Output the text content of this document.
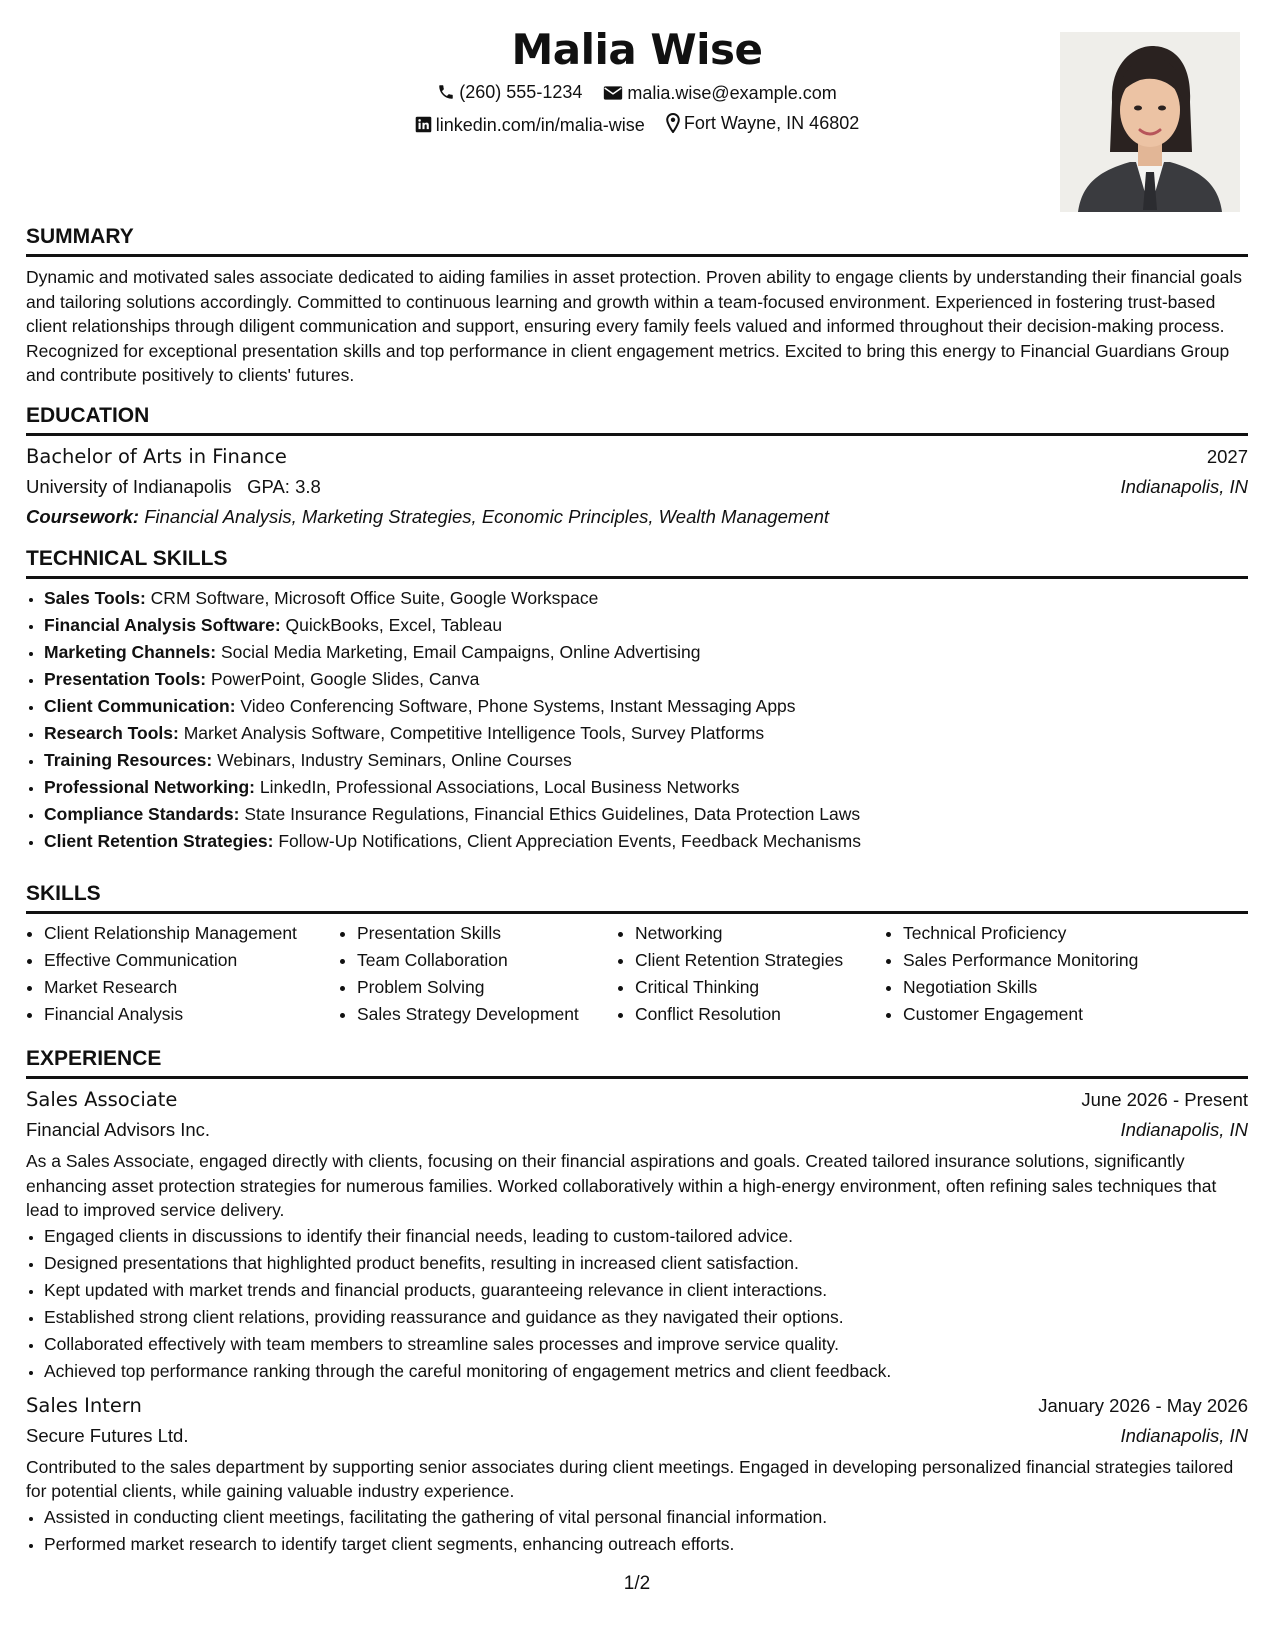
Malia Wise
(260) 555-1234
	malia.wise@example.com
linkedin.com/in/malia-wise
Fort Wayne, IN 46802
SUMMARY

Dynamic and motivated sales associate dedicated to aiding families in asset protection. Proven ability to engage clients by understanding their financial goals and tailoring solutions accordingly. Committed to continuous learning and growth within a team-focused environment. Experienced in fostering trust-based client relationships through diligent communication and support, ensuring every family feels valued and informed throughout their decision-making process. Recognized for exceptional presentation skills and top performance in client engagement metrics. Excited to bring this energy to Financial Guardians Group and contribute positively to clients' futures.

EDUCATION
Bachelor of Arts in Finance	2027
University of Indianapolis GPA: 3.8	Indianapolis, IN
Coursework: Financial Analysis, Marketing Strategies, Economic Principles, Wealth Management
TECHNICAL SKILLS
• Sales Tools: CRM Software, Microsoft Office Suite, Google Workspace
• Financial Analysis Software: QuickBooks, Excel, Tableau
• Marketing Channels: Social Media Marketing, Email Campaigns, Online Advertising
• Presentation Tools: PowerPoint, Google Slides, Canva
• Client Communication: Video Conferencing Software, Phone Systems, Instant Messaging Apps
• Research Tools: Market Analysis Software, Competitive Intelligence Tools, Survey Platforms
• Training Resources: Webinars, Industry Seminars, Online Courses
• Professional Networking: LinkedIn, Professional Associations, Local Business Networks
• Compliance Standards: State Insurance Regulations, Financial Ethics Guidelines, Data Protection Laws
• Client Retention Strategies: Follow-Up Notifications, Client Appreciation Events, Feedback Mechanisms
SKILLS
• Client Relationship Management
• Effective Communication
• Market Research
• Financial Analysis
• Presentation Skills
• Team Collaboration
• Problem Solving
• Sales Strategy Development
• Networking
• Client Retention Strategies
• Critical Thinking
• Conflict Resolution
• Technical Proficiency
• Sales Performance Monitoring
• Negotiation Skills
• Customer Engagement
EXPERIENCE
Sales Associate	June 2026 - Present
Financial Advisors Inc.	Indianapolis, IN

As a Sales Associate, engaged directly with clients, focusing on their financial aspirations and goals. Created tailored insurance solutions, significantly enhancing asset protection strategies for numerous families. Worked collaboratively within a high-energy environment, often refining sales techniques that lead to improved service delivery.

• Engaged clients in discussions to identify their financial needs, leading to custom-tailored advice.
• Designed presentations that highlighted product benefits, resulting in increased client satisfaction.
• Kept updated with market trends and financial products, guaranteeing relevance in client interactions.
• Established strong client relations, providing reassurance and guidance as they navigated their options.
• Collaborated effectively with team members to streamline sales processes and improve service quality.
• Achieved top performance ranking through the careful monitoring of engagement metrics and client feedback.
Sales Intern	January 2026 - May 2026
Secure Futures Ltd.	Indianapolis, IN

Contributed to the sales department by supporting senior associates during client meetings. Engaged in developing personalized financial strategies tailored for potential clients, while gaining valuable industry experience.

• Assisted in conducting client meetings, facilitating the gathering of vital personal financial information.
• Performed market research to identify target client segments, enhancing outreach efforts.
1/2
